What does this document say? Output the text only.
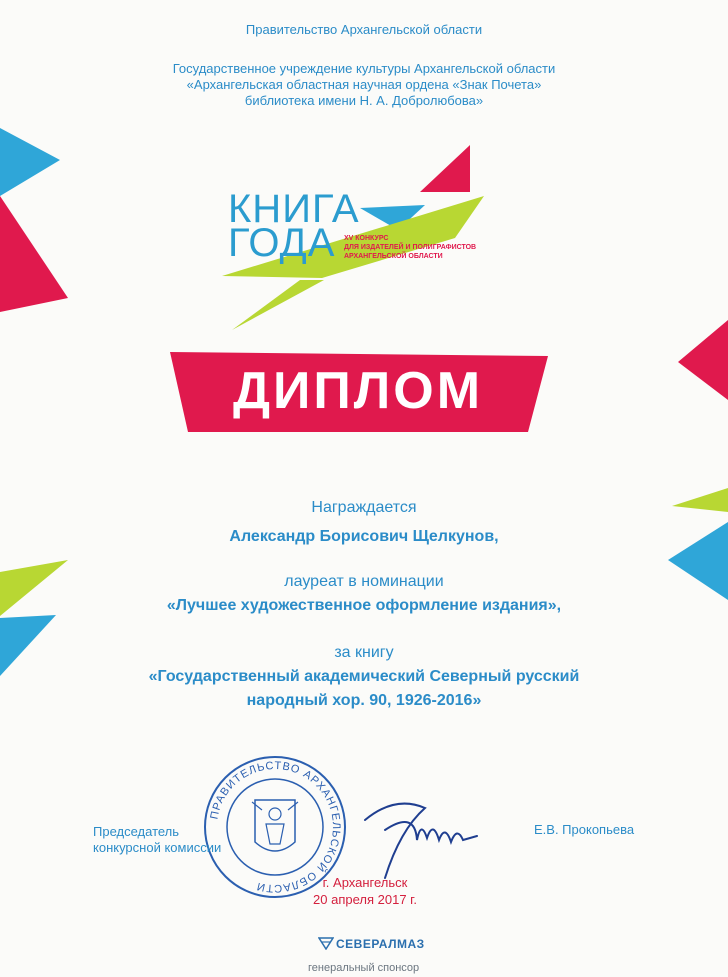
Правительство Архангельской области
Государственное учреждение культуры Архангельской области
«Архангельская областная научная ордена «Знак Почета»
библиотека имени Н. А. Добролюбова»
КНИГА
ГОДА	XV КОНКУРС
ДЛЯ ИЗДАТЕЛЕЙ И ПОЛИГРАФИСТОВ
АРХАНГЕЛЬСКОЙ ОБЛАСТИ
ДИПЛОМ
Награждается
Александр Борисович Щелкунов,
лауреат в номинации
«Лучшее художественное оформление издания»,
за книгу
«Государственный академический Северный русский
народный хор. 90, 1926-2016»
ПРАВИТЕЛЬСТВО АРХАНГЕЛЬСКОЙ ОБЛАСТИ
Председатель
конкурсной комиссии
Е.В. Прокопьева
г. Архангельск
20 апреля 2017 г.
СЕВЕРАЛМАЗ
генеральный спонсор
